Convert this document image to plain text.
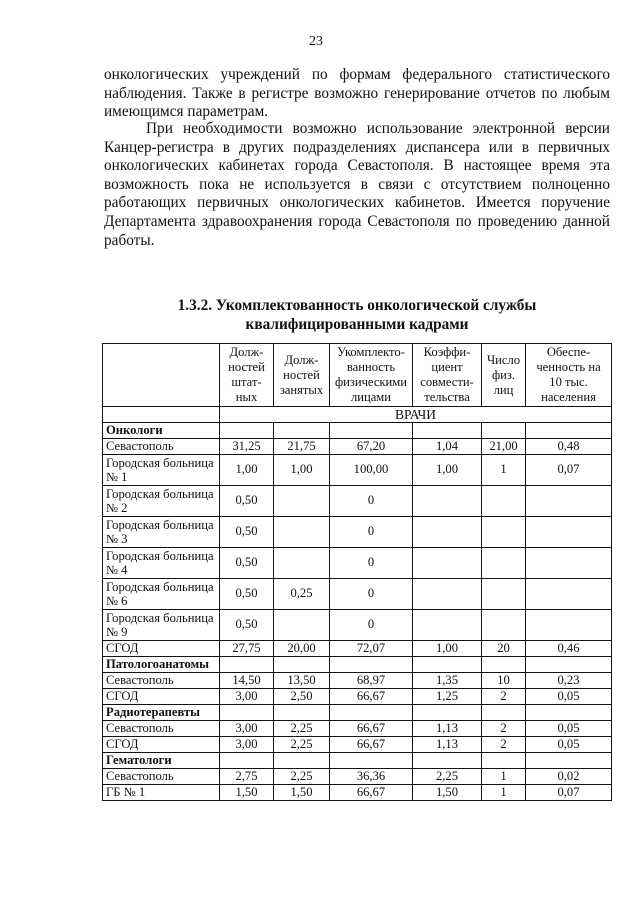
23

онкологических учреждений по формам федерального статистического наблюдения. Также в регистре возможно генерирование отчетов по любым имеющимся параметрам.

При необходимости возможно использование электронной версии Канцер-регистра в других подразделениях диспансера или в первичных онкологических кабинетах города Севастополя. В настоящее время эта возможность пока не используется в связи с отсутствием полноценно работающих первичных онкологических кабинетов. Имеется поручение Департамента здравоохранения города Севастополя по проведению данной работы.

1.3.2. Укомплектованность онкологической службы
квалифицированными кадрами
	Долж-ностей штат-ных	Долж-ностей занятых	Укомплекто-ванность физическими лицами	Коэффи-циент совмести-тельства	Число физ. лиц	Обеспе-ченность на 10 тыс. населения
	ВРАЧИ					
Онкологи						
Севастополь	31,25	21,75	67,20	1,04	21,00	0,48
Городская больница № 1	1,00	1,00	100,00	1,00	1	0,07
Городская больница № 2	0,50		0			
Городская больница № 3	0,50		0			
Городская больница № 4	0,50		0			
Городская больница № 6	0,50	0,25	0			
Городская больница № 9	0,50		0			
СГОД	27,75	20,00	72,07	1,00	20	0,46
Патологоанатомы						
Севастополь	14,50	13,50	68,97	1,35	10	0,23
СГОД	3,00	2,50	66,67	1,25	2	0,05
Радиотерапевты						
Севастополь	3,00	2,25	66,67	1,13	2	0,05
СГОД	3,00	2,25	66,67	1,13	2	0,05
Гематологи						
Севастополь	2,75	2,25	36,36	2,25	1	0,02
ГБ № 1	1,50	1,50	66,67	1,50	1	0,07
